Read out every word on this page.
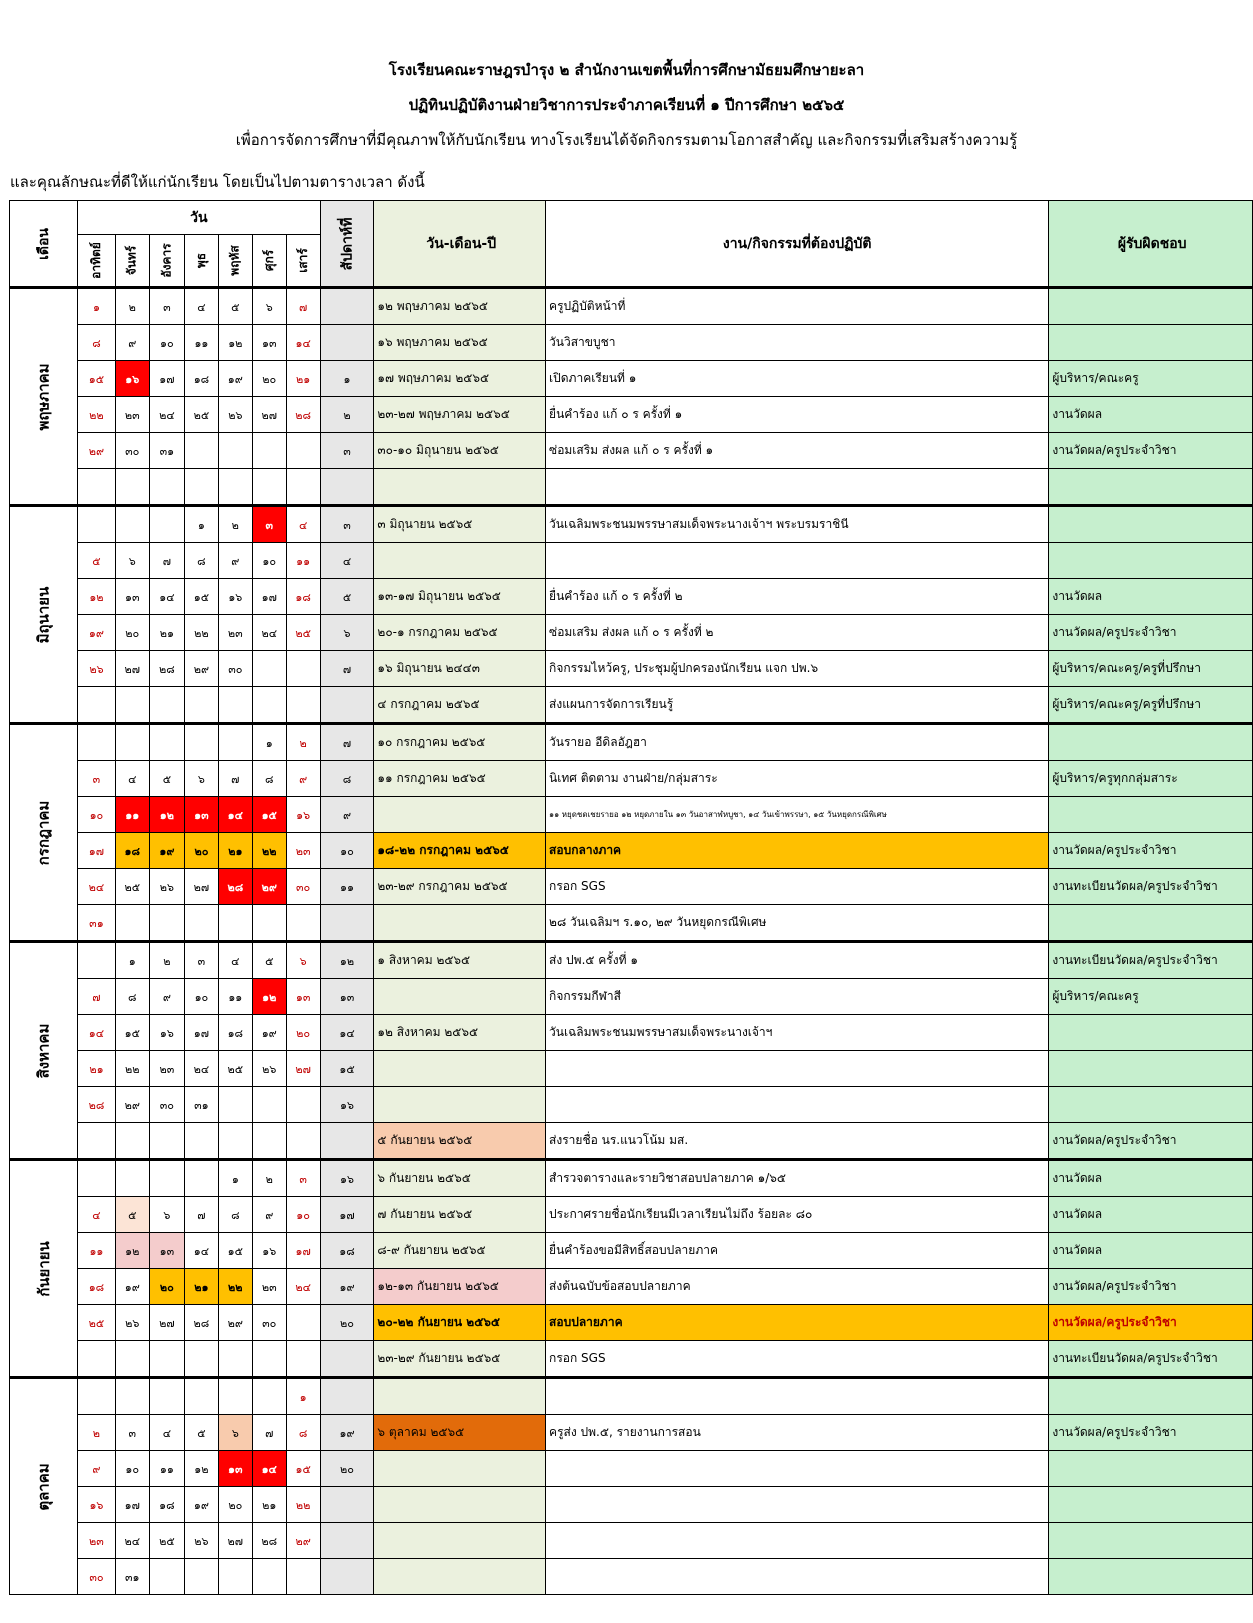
โรงเรียนคณะราษฎรบำรุง ๒ สำนักงานเขตพื้นที่การศึกษามัธยมศึกษายะลา
ปฏิทินปฏิบัติงานฝ่ายวิชาการประจำภาคเรียนที่ ๑ ปีการศึกษา ๒๕๖๕
เพื่อการจัดการศึกษาที่มีคุณภาพให้กับนักเรียน ทางโรงเรียนได้จัดกิจกรรมตามโอกาสสำคัญ และกิจกรรมที่เสริมสร้างความรู้
และคุณลักษณะที่ดีให้แก่นักเรียน โดยเป็นไปตามตารางเวลา ดังนี้
เดือน	วัน							สัปดาห์ที่	วัน-เดือน-ปี	งาน/กิจกรรมที่ต้องปฏิบัติ	ผู้รับผิดชอบ
	อาทิตย์	จันทร์	อังคาร	พุธ	พฤหัส	ศุกร์	เสาร์				
พฤษภาคม	๑	๒	๓	๔	๕	๖	๗		๑๒ พฤษภาคม ๒๕๖๕	ครูปฏิบัติหน้าที่	
	๘	๙	๑๐	๑๑	๑๒	๑๓	๑๔		๑๖ พฤษภาคม ๒๕๖๕	วันวิสาขบูชา	
	๑๕	๑๖	๑๗	๑๘	๑๙	๒๐	๒๑	๑	๑๗ พฤษภาคม ๒๕๖๕	เปิดภาคเรียนที่ ๑	ผู้บริหาร/คณะครู
	๒๒	๒๓	๒๔	๒๕	๒๖	๒๗	๒๘	๒	๒๓-๒๗ พฤษภาคม ๒๕๖๕	ยื่นคำร้อง แก้ ๐ ร ครั้งที่ ๑	งานวัดผล
	๒๙	๓๐	๓๑					๓	๓๐-๑๐ มิถุนายน ๒๕๖๕	ซ่อมเสริม ส่งผล แก้ ๐ ร ครั้งที่ ๑	งานวัดผล/ครูประจำวิชา

มิถุนายน				๑	๒	๓	๔	๓	๓ มิถุนายน ๒๕๖๕	วันเฉลิมพระชนมพรรษาสมเด็จพระนางเจ้าฯ พระบรมราชินี	
	๕	๖	๗	๘	๙	๑๐	๑๑	๔			
	๑๒	๑๓	๑๔	๑๕	๑๖	๑๗	๑๘	๕	๑๓-๑๗ มิถุนายน ๒๕๖๕	ยื่นคำร้อง แก้ ๐ ร ครั้งที่ ๒	งานวัดผล
	๑๙	๒๐	๒๑	๒๒	๒๓	๒๔	๒๕	๖	๒๐-๑ กรกฎาคม ๒๕๖๕	ซ่อมเสริม ส่งผล แก้ ๐ ร ครั้งที่ ๒	งานวัดผล/ครูประจำวิชา
	๒๖	๒๗	๒๘	๒๙	๓๐			๗	๑๖ มิถุนายน ๒๔๔๓	กิจกรรมไหว้ครู, ประชุมผู้ปกครองนักเรียน แจก ปพ.๖	ผู้บริหาร/คณะครู/ครูที่ปรึกษา
									๔ กรกฎาคม ๒๕๖๕	ส่งแผนการจัดการเรียนรู้	ผู้บริหาร/คณะครู/ครูที่ปรึกษา
กรกฎาคม						๑	๒	๗	๑๐ กรกฎาคม ๒๕๖๕	วันรายอ อีดิลอัฎฮา	
	๓	๔	๕	๖	๗	๘	๙	๘	๑๑ กรกฎาคม ๒๕๖๕	นิเทศ ติดตาม งานฝ่าย/กลุ่มสาระ	ผู้บริหาร/ครูทุกกลุ่มสาระ
	๑๐	๑๑	๑๒	๑๓	๑๔	๑๕	๑๖	๙		๑๑ หยุดชดเชยรายอ ๑๒ หยุดภายใน ๑๓ วันอาสาฬหบูชา, ๑๔ วันเข้าพรรษา, ๑๕ วันหยุดกรณีพิเศษ	
	๑๗	๑๘	๑๙	๒๐	๒๑	๒๒	๒๓	๑๐	๑๘-๒๒ กรกฎาคม ๒๕๖๕	สอบกลางภาค	งานวัดผล/ครูประจำวิชา
	๒๔	๒๕	๒๖	๒๗	๒๘	๒๙	๓๐	๑๑	๒๓-๒๙ กรกฎาคม ๒๕๖๕	กรอก SGS	งานทะเบียนวัดผล/ครูประจำวิชา
	๓๑									๒๘ วันเฉลิมฯ ร.๑๐, ๒๙ วันหยุดกรณีพิเศษ	
สิงหาคม		๑	๒	๓	๔	๕	๖	๑๒	๑ สิงหาคม ๒๕๖๕	ส่ง ปพ.๕ ครั้งที่ ๑	งานทะเบียนวัดผล/ครูประจำวิชา
	๗	๘	๙	๑๐	๑๑	๑๒	๑๓	๑๓		กิจกรรมกีฬาสี	ผู้บริหาร/คณะครู
	๑๔	๑๕	๑๖	๑๗	๑๘	๑๙	๒๐	๑๔	๑๒ สิงหาคม ๒๕๖๕	วันเฉลิมพระชนมพรรษาสมเด็จพระนางเจ้าฯ	
	๒๑	๒๒	๒๓	๒๔	๒๕	๒๖	๒๗	๑๕			
	๒๘	๒๙	๓๐	๓๑				๑๖			
									๕ กันยายน ๒๕๖๕	ส่งรายชื่อ นร.แนวโน้ม มส.	งานวัดผล/ครูประจำวิชา
กันยายน					๑	๒	๓	๑๖	๖ กันยายน ๒๕๖๕	สำรวจตารางและรายวิชาสอบปลายภาค ๑/๖๕	งานวัดผล
	๔	๕	๖	๗	๘	๙	๑๐	๑๗	๗ กันยายน ๒๕๖๕	ประกาศรายชื่อนักเรียนมีเวลาเรียนไม่ถึง ร้อยละ ๘๐	งานวัดผล
	๑๑	๑๒	๑๓	๑๔	๑๕	๑๖	๑๗	๑๘	๘-๙ กันยายน ๒๕๖๕	ยื่นคำร้องขอมีสิทธิ์สอบปลายภาค	งานวัดผล
	๑๘	๑๙	๒๐	๒๑	๒๒	๒๓	๒๔	๑๙	๑๒-๑๓ กันยายน ๒๕๖๕	ส่งต้นฉบับข้อสอบปลายภาค	งานวัดผล/ครูประจำวิชา
	๒๕	๒๖	๒๗	๒๘	๒๙	๓๐		๒๐	๒๐-๒๒ กันยายน ๒๕๖๕	สอบปลายภาค	งานวัดผล/ครูประจำวิชา
									๒๓-๒๙ กันยายน ๒๕๖๕	กรอก SGS	งานทะเบียนวัดผล/ครูประจำวิชา
ตุลาคม							๑				
	๒	๓	๔	๕	๖	๗	๘	๑๙	๖ ตุลาคม ๒๕๖๕	ครูส่ง ปพ.๕, รายงานการสอน	งานวัดผล/ครูประจำวิชา
	๙	๑๐	๑๑	๑๒	๑๓	๑๔	๑๕	๒๐			
	๑๖	๑๗	๑๘	๑๙	๒๐	๒๑	๒๒				
	๒๓	๒๔	๒๕	๒๖	๒๗	๒๘	๒๙				
	๓๐	๓๑									
